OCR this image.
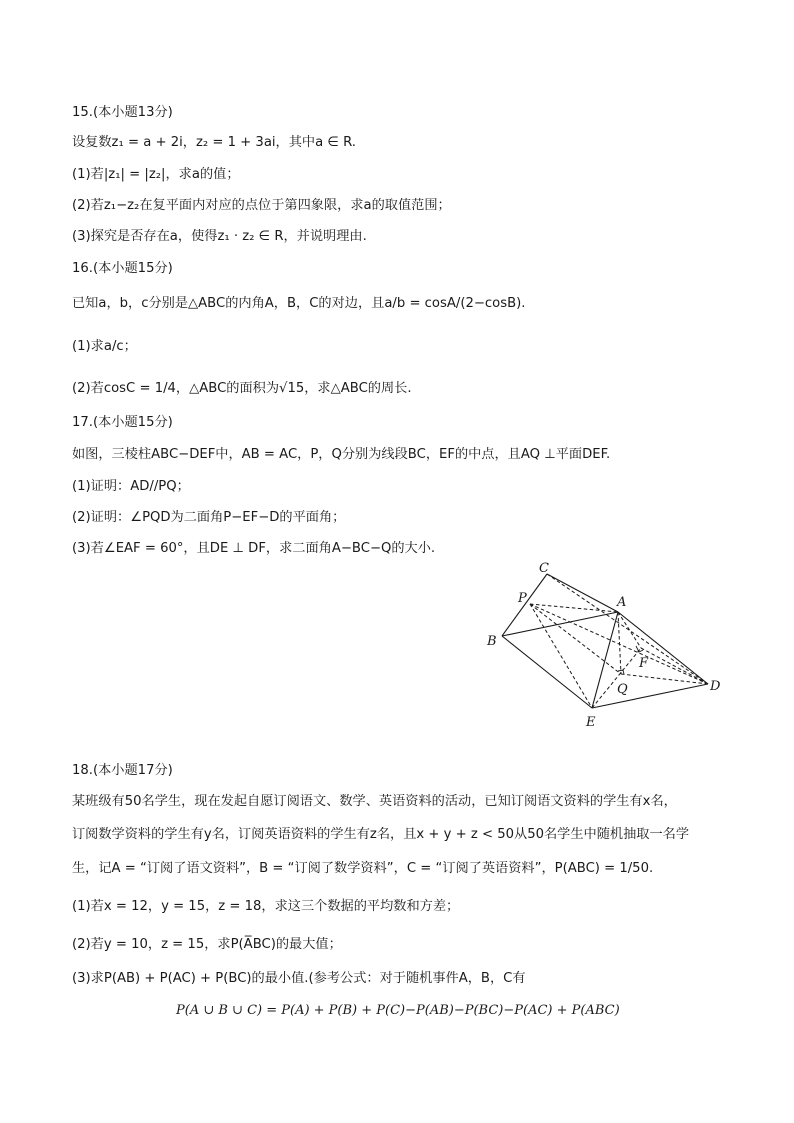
15.(本小题13分)
设复数z₁ = a + 2i，z₂ = 1 + 3ai，其中a ∈ R.
(1)若|z₁| = |z₂|，求a的值；
(2)若z₁−z₂在复平面内对应的点位于第四象限，求a的取值范围；
(3)探究是否存在a，使得z₁ · z₂ ∈ R，并说明理由.
16.(本小题15分)
已知a，b，c分别是△ABC的内角A，B，C的对边，且a/b = cosA/(2−cosB).
(1)求a/c；
(2)若cosC = 1/4，△ABC的面积为√15，求△ABC的周长.
17.(本小题15分)
如图，三棱柱ABC−DEF中，AB = AC，P，Q分别为线段BC，EF的中点，且AQ ⊥平面DEF.
(1)证明：AD//PQ；
(2)证明：∠PQD为二面角P−EF−D的平面角；
(3)若∠EAF = 60°，且DE ⊥ DF，求二面角A−BC−Q的大小.
C
A
P
B
F
Q	D
E
18.(本小题17分)
某班级有50名学生，现在发起自愿订阅语文、数学、英语资料的活动，已知订阅语文资料的学生有x名，
订阅数学资料的学生有y名，订阅英语资料的学生有z名，且x + y + z < 50从50名学生中随机抽取一名学
生，记A = “订阅了语文资料”，B = “订阅了数学资料”，C = “订阅了英语资料”，P(ABC) = 1/50.
(1)若x = 12，y = 15，z = 18，求这三个数据的平均数和方差；
(2)若y = 10，z = 15，求P(A̅BC)的最大值；
(3)求P(AB) + P(AC) + P(BC)的最小值.(参考公式：对于随机事件A，B，C有
P(A ∪ B ∪ C) = P(A) + P(B) + P(C)−P(AB)−P(BC)−P(AC) + P(ABC)
